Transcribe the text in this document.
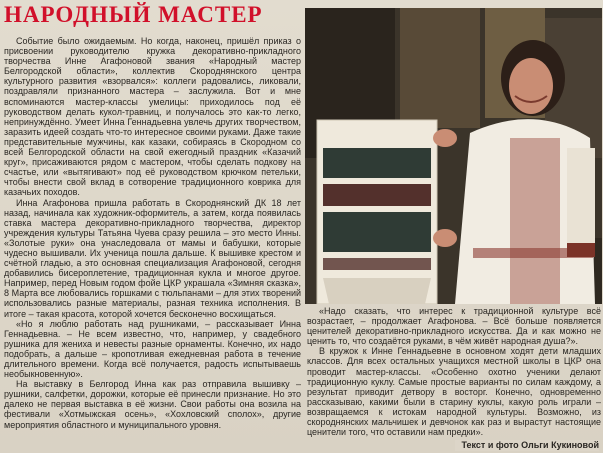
НАРОДНЫЙ МАСТЕР

Событие было ожидаемым. Но когда, наконец, пришёл приказ о присвоении руководителю кружка декоративно-прикладного творчества Инне Агафоновой звания «Народный мастер Белгородской области», коллектив Скороднянского центра культурного развития «взорвался»: коллеги радовались, ликовали, поздравляли признанного мастера – заслужила. Вот и мне вспоминаются мастер-классы умелицы: приходилось под её руководством делать кукол-травниц, и получалось это как-то легко, непринуждённо. Умеет Инна Геннадьевна увлечь других творчеством, заразить идеей создать что-то интересное своими руками. Даже такие представительные мужчины, как казаки, собираясь в Скородном со всей Белгородской области на свой ежегодный праздник «Казачий круг», присаживаются рядом с мастером, чтобы сделать подкову на счастье, или «вытягивают» под её руководством крючком петельки, чтобы внести свой вклад в сотворение традиционного коврика для казачьих походов.

Инна Агафонова пришла работать в Скороднянский ДК 18 лет назад, начинала как художник-оформитель, а затем, когда появилась ставка мастера декоративно-прикладного творчества, директор учреждения культуры Татьяна Чуева сразу решила – это место Инны. «Золотые руки» она унаследовала от мамы и бабушки, которые чудесно вышивали. Их ученица пошла дальше. К вышивке крестом и счётной гладью, а это основная специализация Агафоновой, сегодня добавились бисероплетение, традиционная кукла и многое другое. Например, перед Новым годом фойе ЦКР украшала «Зимняя сказка», 8 Марта все любовались горшками с тюльпанами – для этих творений использовались разные материалы, разная техника исполнения. В итоге – такая красота, которой хочется бесконечно восхищаться.

«Но я люблю работать над рушниками, – рассказывает Инна Геннадьевна. – Не всем известно, что, например, у свадебного рушника для жениха и невесты разные орнаменты. Конечно, их надо подобрать, а дальше – кропотливая ежедневная работа в течение длительного времени. Когда всё получается, радость испытываешь необыкновенную».

На выставку в Белгород Инна как раз отправила вышивку – рушники, салфетки, дорожки, которые её принесли признание. Но это далеко не первая выставка в её жизни. Свои работы она возила на фестивали «Хотмыжская осень», «Хохловский сполох», другие мероприятия областного и муниципального уровня.

«Надо сказать, что интерес к традиционной культуре всё возрастает, – продолжает Агафонова. – Всё больше появляется ценителей декоративно-прикладного искусства. Да и как можно не ценить то, что создаётся руками, в чём живёт народная душа?».

В кружок к Инне Геннадьевне в основном ходят дети младших классов. Для всех остальных учащихся местной школы в ЦКР она проводит мастер-классы. «Особенно охотно ученики делают традиционную куклу. Самые простые варианты по силам каждому, а результат приводит детвору в восторг. Конечно, одновременно рассказываю, какими были в старину куклы, какую роль играли – возвращаемся к истокам народной культуры. Возможно, из скороднянских мальчишек и девчонок как раз и вырастут настоящие ценители того, что оставили нам предки».

Текст и фото Ольги Кукиновой
